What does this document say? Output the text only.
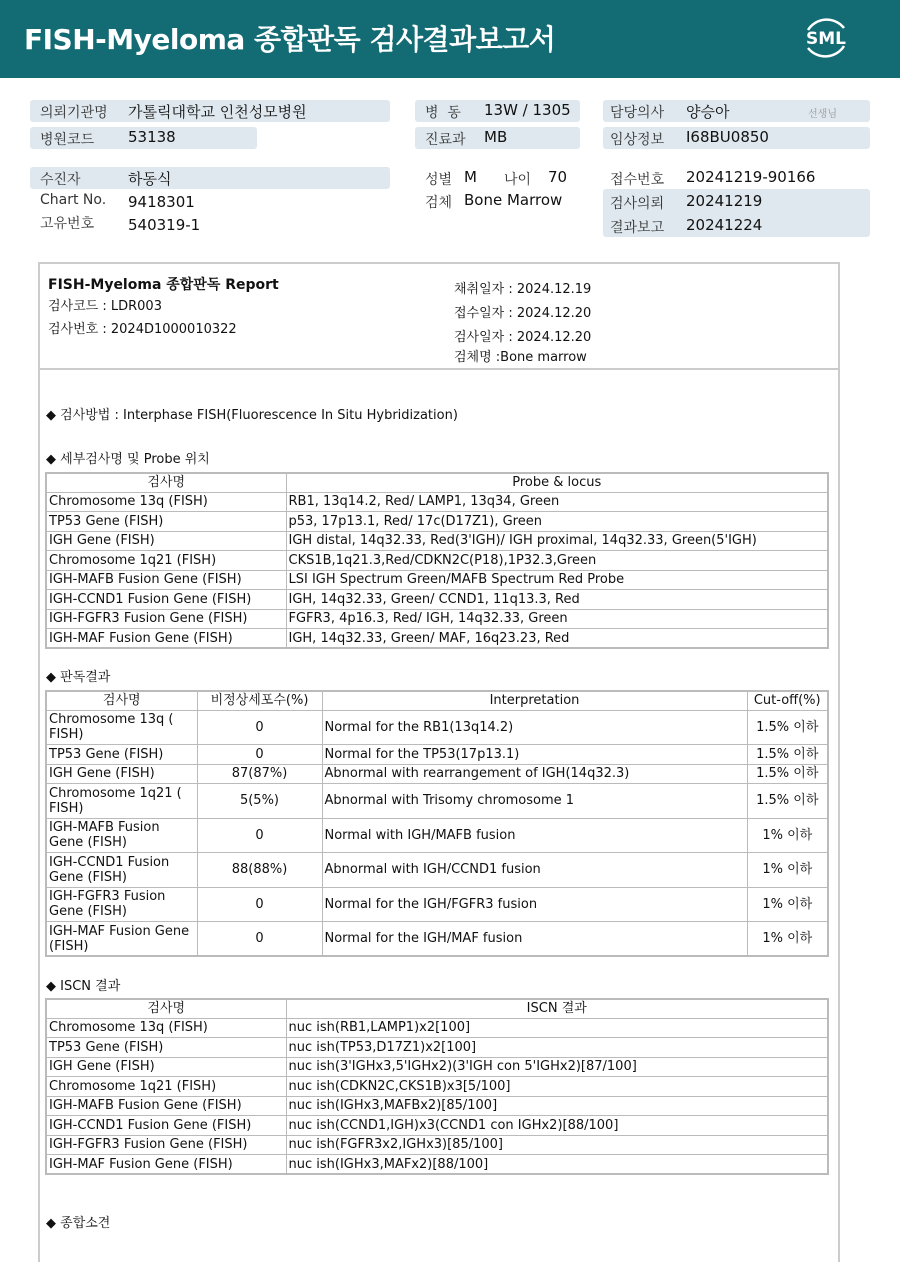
FISH-Myeloma 종합판독 검사결과보고서	SML
의뢰기관명 가톨릭대학교 인천성모병원
병원코드 53138
병  동 13W / 1305
진료과 MB
담당의사 양승아	선생님
임상정보 I68BU0850
수진자	하동식
Chart No. 9418301
고유번호 540319-1
성별 M 나이 70
검체 Bone Marrow
접수번호 20241219-90166
검사의뢰 20241219
결과보고 20241224
FISH-Myeloma 종합판독 Report
검사코드 : LDR003
검사번호 : 2024D1000010322
채취일자 : 2024.12.19
접수일자 : 2024.12.20
검사일자 : 2024.12.20
검체명 :Bone marrow
◆ 검사방법 : Interphase FISH(Fluorescence In Situ Hybridization)
◆ 세부검사명 및 Probe 위치
검사명	Probe & locus
Chromosome 13q (FISH)	RB1, 13q14.2, Red/ LAMP1, 13q34, Green
TP53 Gene (FISH)	p53, 17p13.1, Red/ 17c(D17Z1), Green
IGH Gene (FISH)	IGH distal, 14q32.33, Red(3'IGH)/ IGH proximal, 14q32.33, Green(5'IGH)
Chromosome 1q21 (FISH)	CKS1B,1q21.3,Red/CDKN2C(P18),1P32.3,Green
IGH-MAFB Fusion Gene (FISH)	LSI IGH Spectrum Green/MAFB Spectrum Red Probe
IGH-CCND1 Fusion Gene (FISH)	IGH, 14q32.33, Green/ CCND1, 11q13.3, Red
IGH-FGFR3 Fusion Gene (FISH)	FGFR3, 4p16.3, Red/ IGH, 14q32.33, Green
IGH-MAF Fusion Gene (FISH)	IGH, 14q32.33, Green/ MAF, 16q23.23, Red
◆ 판독결과
검사명	비정상세포수(%)	Interpretation	Cut-off(%)
Chromosome 13q ( FISH)	0	Normal for the RB1(13q14.2)	1.5% 이하
TP53 Gene (FISH)	0	Normal for the TP53(17p13.1)	1.5% 이하
IGH Gene (FISH)	87(87%)	Abnormal with rearrangement of IGH(14q32.3)	1.5% 이하
Chromosome 1q21 ( FISH)	5(5%)	Abnormal with Trisomy chromosome 1	1.5% 이하
IGH-MAFB Fusion Gene (FISH)	0	Normal with IGH/MAFB fusion	1% 이하
IGH-CCND1 Fusion Gene (FISH)	88(88%)	Abnormal with IGH/CCND1 fusion	1% 이하
IGH-FGFR3 Fusion Gene (FISH)	0	Normal for the IGH/FGFR3 fusion	1% 이하
IGH-MAF Fusion Gene (FISH)	0	Normal for the IGH/MAF fusion	1% 이하
◆ ISCN 결과
검사명	ISCN 결과
Chromosome 13q (FISH)	nuc ish(RB1,LAMP1)x2[100]
TP53 Gene (FISH)	nuc ish(TP53,D17Z1)x2[100]
IGH Gene (FISH)	nuc ish(3'IGHx3,5'IGHx2)(3'IGH con 5'IGHx2)[87/100]
Chromosome 1q21 (FISH)	nuc ish(CDKN2C,CKS1B)x3[5/100]
IGH-MAFB Fusion Gene (FISH)	nuc ish(IGHx3,MAFBx2)[85/100]
IGH-CCND1 Fusion Gene (FISH)	nuc ish(CCND1,IGH)x3(CCND1 con IGHx2)[88/100]
IGH-FGFR3 Fusion Gene (FISH)	nuc ish(FGFR3x2,IGHx3)[85/100]
IGH-MAF Fusion Gene (FISH)	nuc ish(IGHx3,MAFx2)[88/100]
◆ 종합소견
